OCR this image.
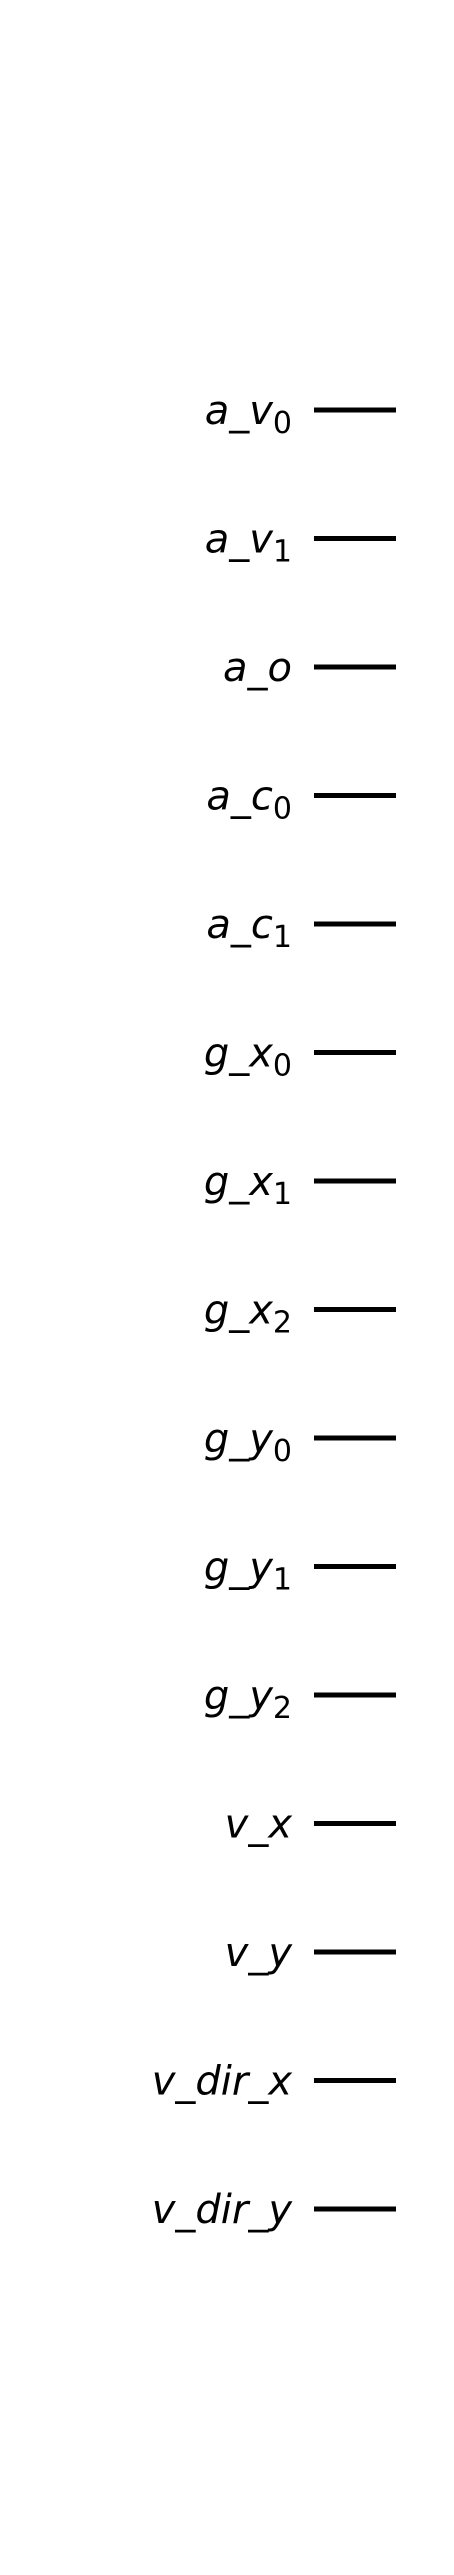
$a\_v_0$
$a\_v_1$
a_o
$a\_c_0$
$a\_c_1$
$g\_x_0$
$g\_x_1$
$g\_x_2$
$g\_y_0$
$g\_y_1$
$g\_y_2$
v_x
v_y
v_dir_x
v_dir_y
